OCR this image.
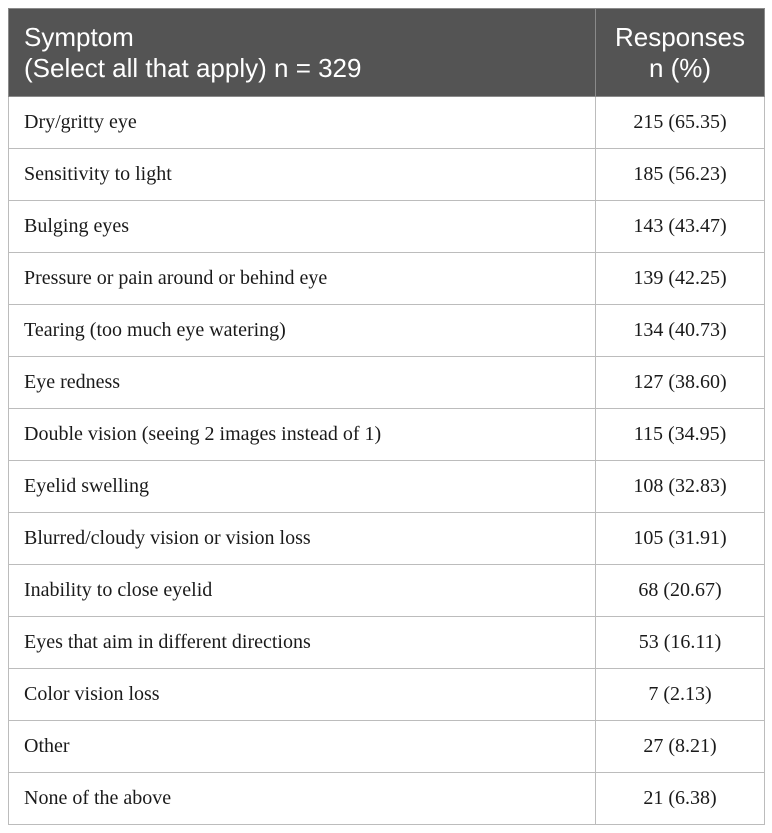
Symptom
(Select all that apply) n = 329	Responses
n (%)

Dry/gritty eye	215 (65.35)
Sensitivity to light	185 (56.23)
Bulging eyes	143 (43.47)
Pressure or pain around or behind eye	139 (42.25)
Tearing (too much eye watering)	134 (40.73)
Eye redness	127 (38.60)
Double vision (seeing 2 images instead of 1)	115 (34.95)
Eyelid swelling	108 (32.83)
Blurred/cloudy vision or vision loss	105 (31.91)
Inability to close eyelid	68 (20.67)
Eyes that aim in different directions	53 (16.11)
Color vision loss	7 (2.13)
Other	27 (8.21)
None of the above	21 (6.38)
